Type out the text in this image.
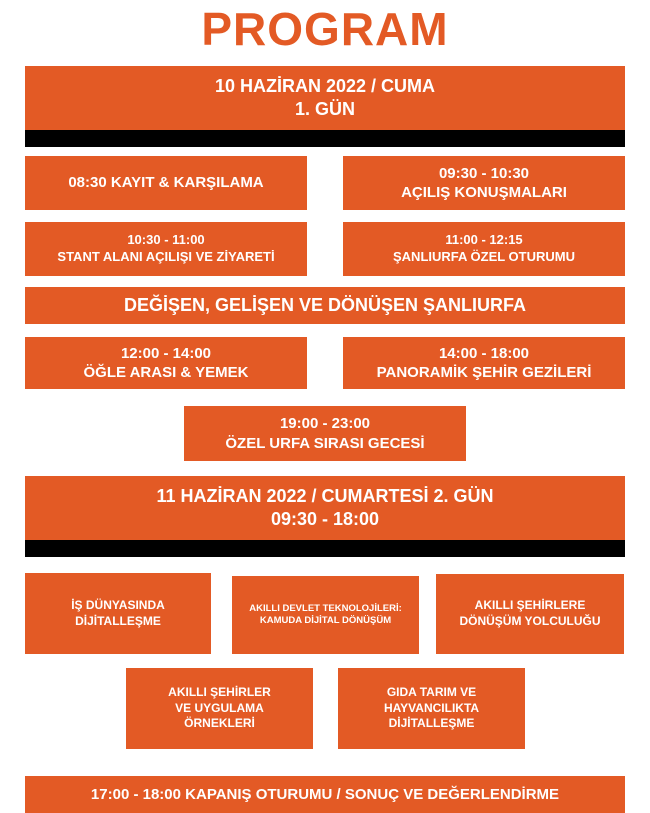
PROGRAM
10 HAZİRAN 2022 / CUMA
1. GÜN
08:30 KAYIT & KARŞILAMA
09:30 - 10:30
AÇILIŞ KONUŞMALARI
10:30 - 11:00
STANT ALANI AÇILIŞI VE ZİYARETİ
11:00 - 12:15
ŞANLIURFA ÖZEL OTURUMU
DEĞİŞEN, GELİŞEN VE DÖNÜŞEN ŞANLIURFA
12:00 - 14:00
ÖĞLE ARASI & YEMEK
14:00 - 18:00
PANORAMİK ŞEHİR GEZİLERİ
19:00 - 23:00
ÖZEL URFA SIRASI GECESİ
11 HAZİRAN 2022 / CUMARTESİ 2. GÜN
09:30 - 18:00
İŞ DÜNYASINDA
DİJİTALLEŞME
AKILLI DEVLET TEKNOLOJİLERİ:
KAMUDA DİJİTAL DÖNÜŞÜM
AKILLI ŞEHİRLERE
DÖNÜŞÜM YOLCULUĞU
AKILLI ŞEHİRLER
VE UYGULAMA
ÖRNEKLERİ
GIDA TARIM VE
HAYVANCILIKTA
DİJİTALLEŞME
17:00 - 18:00 KAPANIŞ OTURUMU / SONUÇ VE DEĞERLENDİRME
